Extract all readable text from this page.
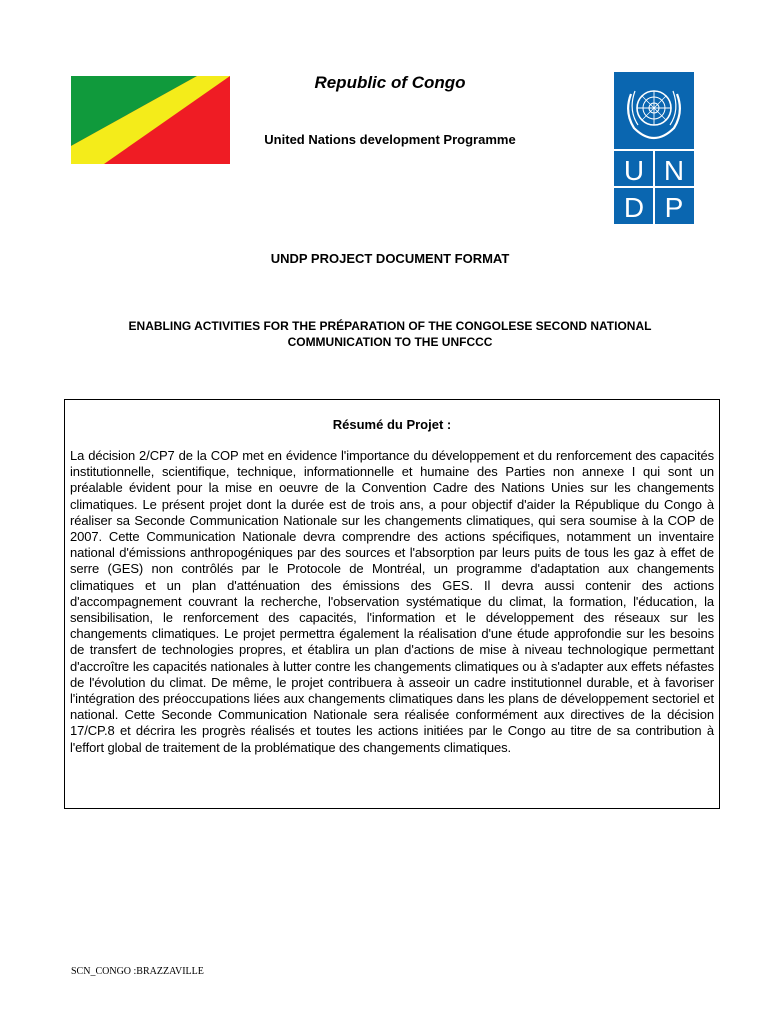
Republic of Congo
United Nations development Programme
U N
D P
UNDP PROJECT DOCUMENT FORMAT
ENABLING ACTIVITIES FOR THE PRÉPARATION OF THE CONGOLESE SECOND NATIONAL
COMMUNICATION TO THE UNFCCC
Résumé du Projet :
La décision 2/CP7 de la COP met en évidence l'importance du développement et du renforcement des capacités institutionnelle, scientifique, technique, informationnelle et humaine des Parties non annexe I qui sont un préalable évident pour la mise en oeuvre de la Convention Cadre des Nations Unies sur les changements climatiques. Le présent projet dont la durée est de trois ans, a pour objectif d'aider la République du Congo à réaliser sa Seconde Communication Nationale sur les changements climatiques, qui sera soumise à la COP de 2007. Cette Communication Nationale devra comprendre des actions spécifiques, notamment un inventaire national d'émissions anthropogéniques par des sources et l'absorption par leurs puits de tous les gaz à effet de serre (GES) non contrôlés par le Protocole de Montréal, un programme d'adaptation aux changements climatiques et un plan d'atténuation des émissions des GES. Il devra aussi contenir des actions d'accompagnement couvrant la recherche, l'observation systématique du climat, la formation, l'éducation, la sensibilisation, le renforcement des capacités, l'information et le développement des réseaux sur les changements climatiques. Le projet permettra également la réalisation d'une étude approfondie sur les besoins de transfert de technologies propres, et établira un plan d'actions de mise à niveau technologique permettant d'accroître les capacités nationales à lutter contre les changements climatiques ou à s'adapter aux effets néfastes de l'évolution du climat. De même, le projet contribuera à asseoir un cadre institutionnel durable, et à favoriser l'intégration des préoccupations liées aux changements climatiques dans les plans de développement sectoriel et national. Cette Seconde Communication Nationale sera réalisée conformément aux directives de la décision 17/CP.8 et décrira les progrès réalisés et toutes les actions initiées par le Congo au titre de sa contribution à l'effort global de traitement de la problématique des changements climatiques.
SCN_CONGO :BRAZZAVILLE
